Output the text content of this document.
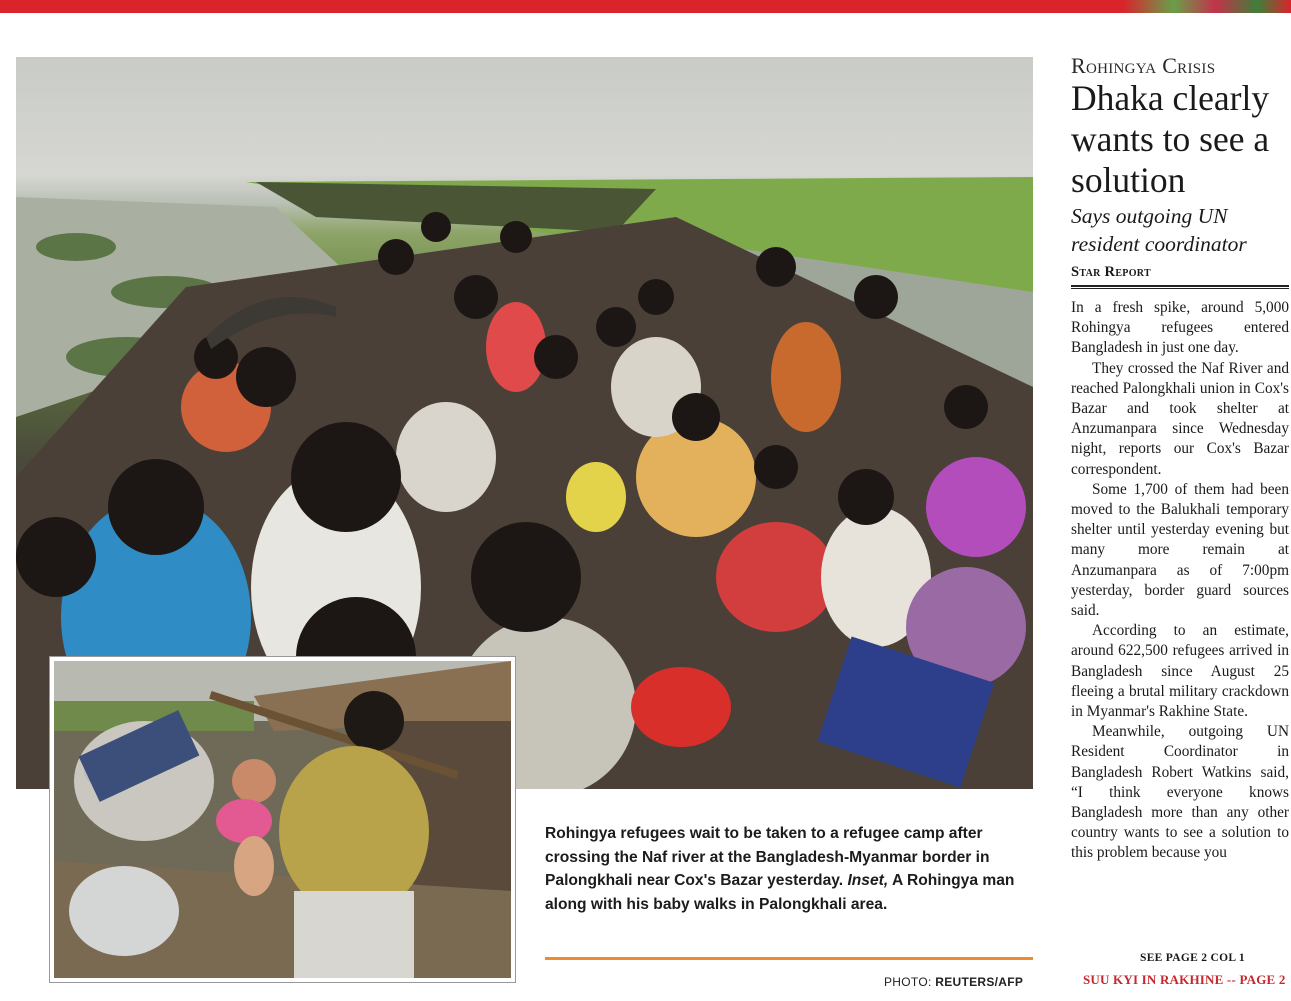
Rohingya refugees wait to be taken to a refugee camp after crossing the Naf river at the Bangladesh-Myanmar border in Palongkhali near Cox's Bazar yesterday. Inset, A Rohingya man along with his baby walks in Palongkhali area.
PHOTO: REUTERS/AFP
Rohingya Crisis
Dhaka clearly wants to see a solution
Says outgoing UN resident coordinator
Star Report

In a fresh spike, around 5,000 Rohingya refugees entered Bangladesh in just one day.

They crossed the Naf River and reached Palongkhali union in Cox's Bazar and took shelter at Anzumanpara since Wednesday night, reports our Cox's Bazar correspondent.

Some 1,700 of them had been moved to the Balukhali temporary shelter until yesterday evening but many more remain at Anzumanpara as of 7:00pm yesterday, border guard sources said.

According to an estimate, around 622,500 refugees arrived in Bangladesh since August 25 fleeing a brutal military crackdown in Myanmar's Rakhine State.

Meanwhile, outgoing UN Resident Coordinator in Bangladesh Robert Watkins said, “I think everyone knows Bangladesh more than any other country wants to see a solution to this problem because you

SEE PAGE 2 COL 1
SUU KYI IN RAKHINE -- PAGE 2
